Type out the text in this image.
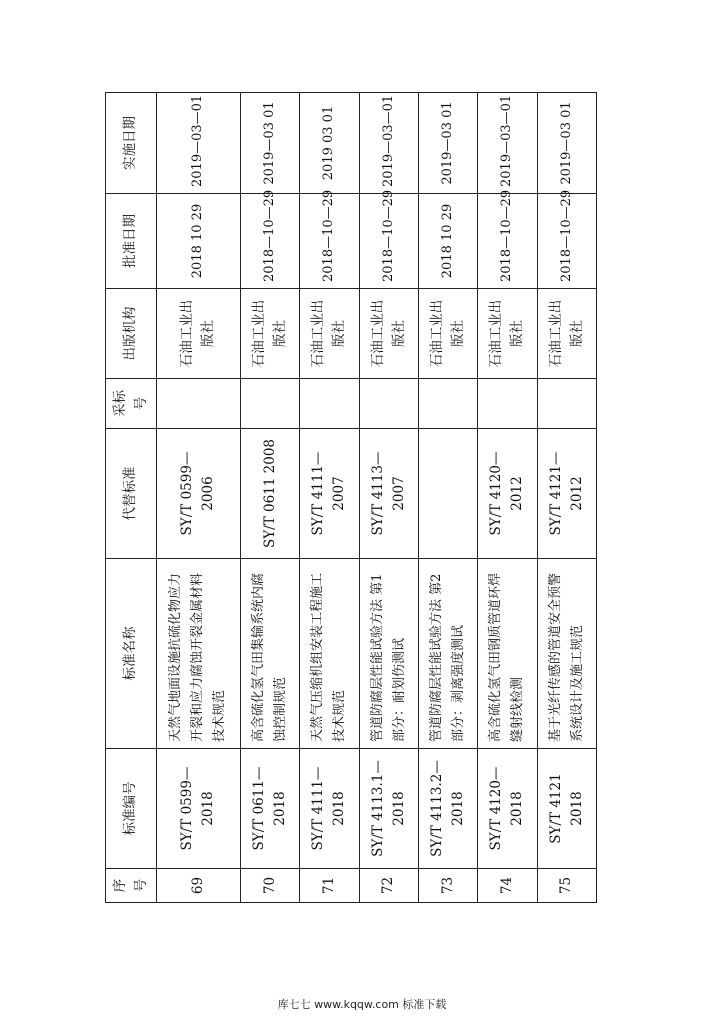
序号	标准编号	标准名称	代替标准	采标号	出版机构	批准日期	实施日期
69	SY/T 0599—2018	天然气地面设施抗硫化物应力开裂和应力腐蚀开裂金属材料技术规范	SY/T 0599—2006		石油工业出版社	2018 10 29	2019—03—01
70	SY/T 0611—2018	高含硫化氢气田集输系统内腐蚀控制规范	SY/T 0611 2008		石油工业出版社	2018—10—29	2019—03 01
71	SY/T 4111—2018	天然气压缩机组安装工程施工技术规范	SY/T 4111—2007		石油工业出版社	2018—10—29	2019 03 01
72	SY/T 4113.1—2018	管道防腐层性能试验方法 第1部分：耐划伤测试	SY/T 4113—2007		石油工业出版社	2018—10—29	2019—03—01
73	SY/T 4113.2—2018	管道防腐层性能试验方法 第2部分：剥离强度测试			石油工业出版社	2018 10 29	2019—03 01
74	SY/T 4120—2018	高含硫化氢气田钢质管道环焊缝射线检测	SY/T 4120—2012		石油工业出版社	2018—10—29	2019—03—01
75	SY/T 4121 2018	基于光纤传感的管道安全预警系统设计及施工规范	SY/T 4121—2012		石油工业出版社	2018—10—29	2019—03 01
库七七 www.kqqw.com 标准下载
